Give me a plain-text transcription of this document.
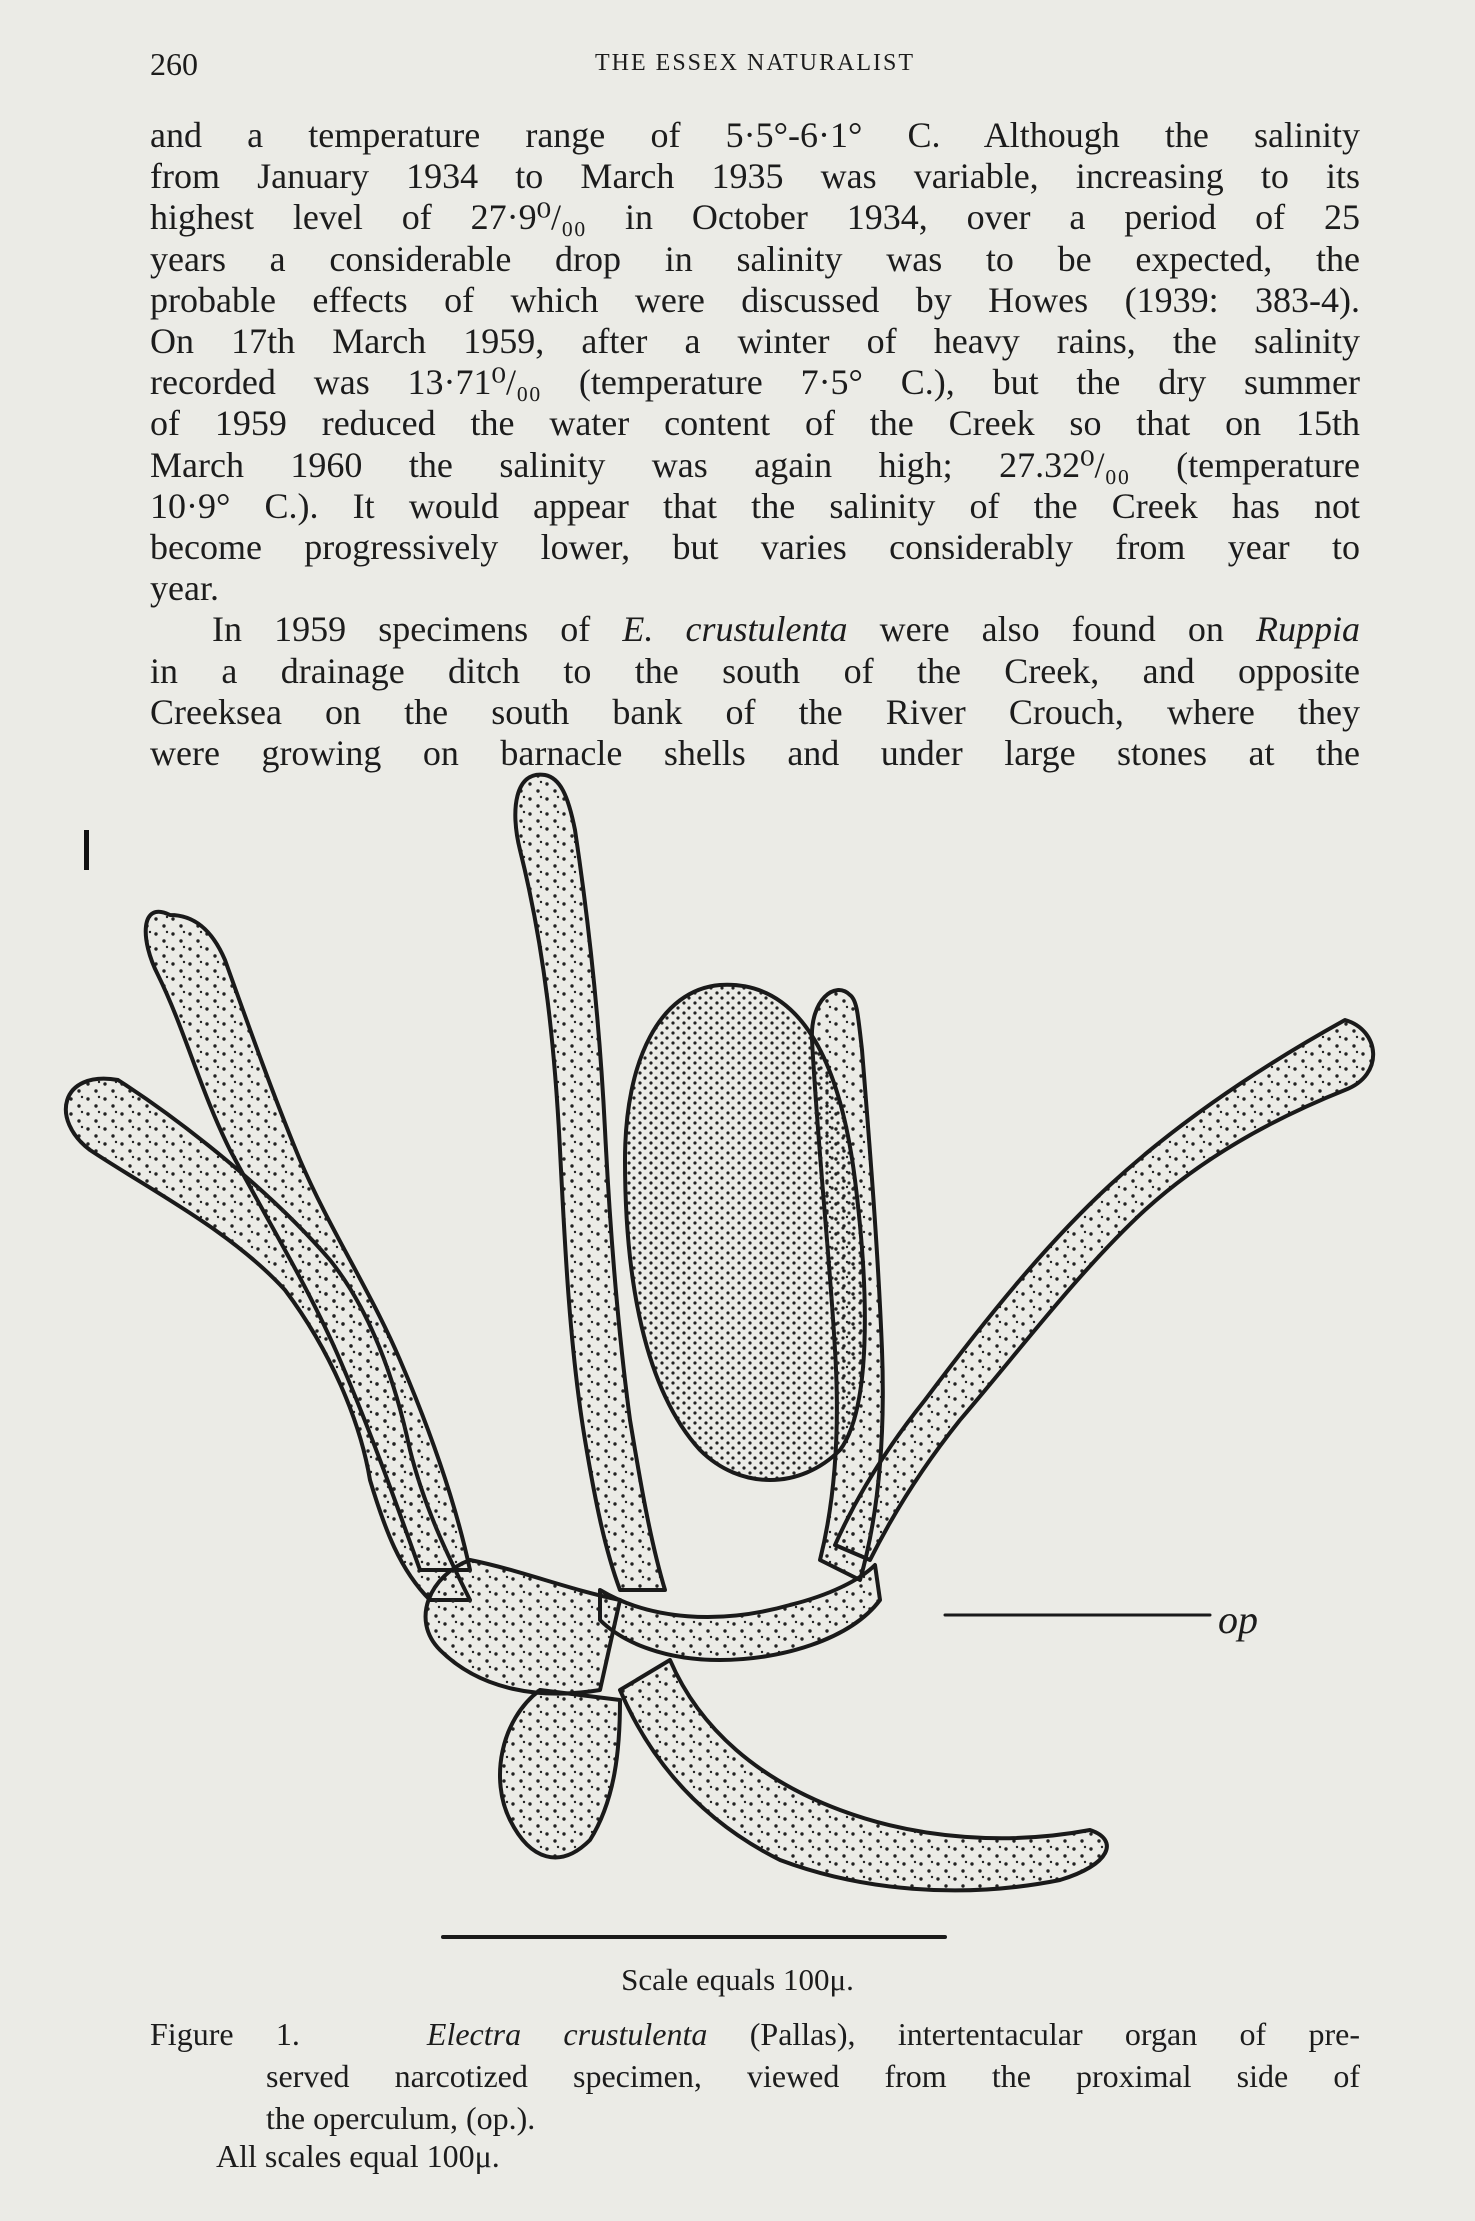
260	THE ESSEX NATURALIST
and a temperature range of 5·5°-6·1° C. Although the salinity
from January 1934 to March 1935 was variable, increasing to its
highest level of 27·9⁰/₀₀ in October 1934, over a period of 25
years a considerable drop in salinity was to be expected, the
probable effects of which were discussed by Howes (1939: 383-4).
On 17th March 1959, after a winter of heavy rains, the salinity
recorded was 13·71⁰/₀₀ (temperature 7·5° C.), but the dry summer
of 1959 reduced the water content of the Creek so that on 15th
March 1960 the salinity was again high; 27.32⁰/₀₀ (temperature
10·9° C.). It would appear that the salinity of the Creek has not
become progressively lower, but varies considerably from year to
year.
In 1959 specimens of E. crustulenta were also found on Ruppia
in a drainage ditch to the south of the Creek, and opposite
Creeksea on the south bank of the River Crouch, where they
were growing on barnacle shells and under large stones at the
op
Scale equals 100μ.
Figure 1.	Electra crustulenta (Pallas), intertentacular organ of pre-
served narcotized specimen, viewed from the proximal side of
the operculum, (op.).
All scales equal 100μ.
